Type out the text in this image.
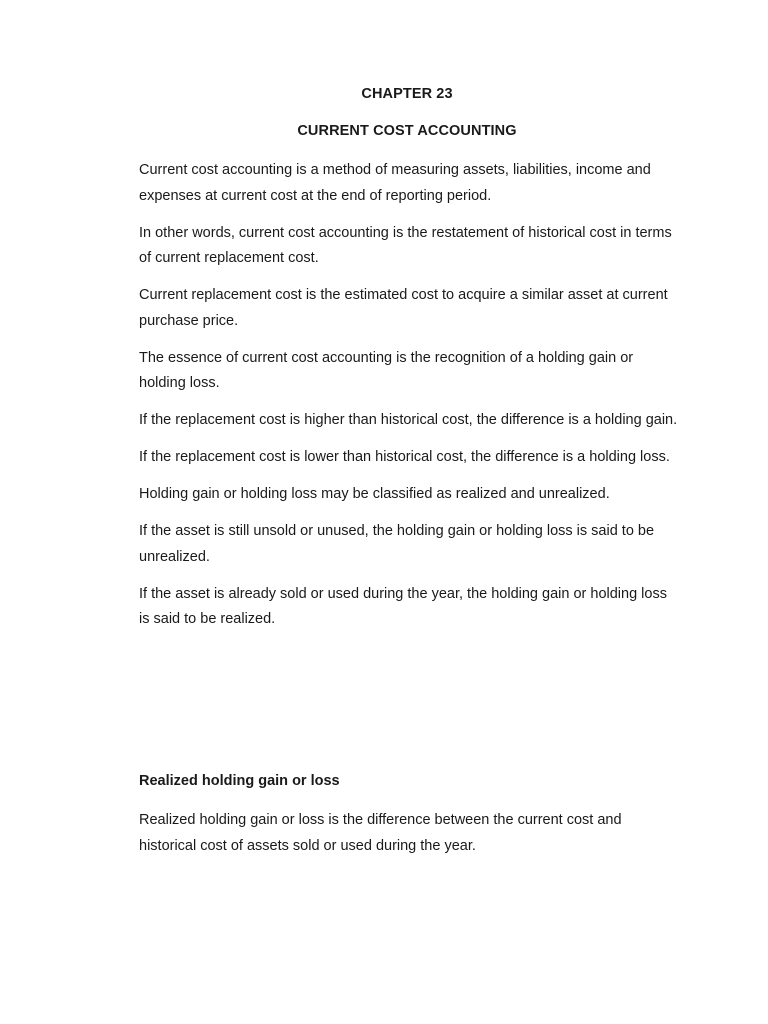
CHAPTER 23
CURRENT COST ACCOUNTING

Current cost accounting is a method of measuring assets, liabilities, income and expenses at current cost at the end of reporting period.

In other words, current cost accounting is the restatement of historical cost in terms of current replacement cost.

Current replacement cost is the estimated cost to acquire a similar asset at current purchase price.

The essence of current cost accounting is the recognition of a holding gain or holding loss.

If the replacement cost is higher than historical cost, the difference is a holding gain.

If the replacement cost is lower than historical cost, the difference is a holding loss.

Holding gain or holding loss may be classified as realized and unrealized.

If the asset is still unsold or unused, the holding gain or holding loss is said to be unrealized.

If the asset is already sold or used during the year, the holding gain or holding loss is said to be realized.

Realized holding gain or loss

Realized holding gain or loss is the difference between the current cost and historical cost of assets sold or used during the year.
